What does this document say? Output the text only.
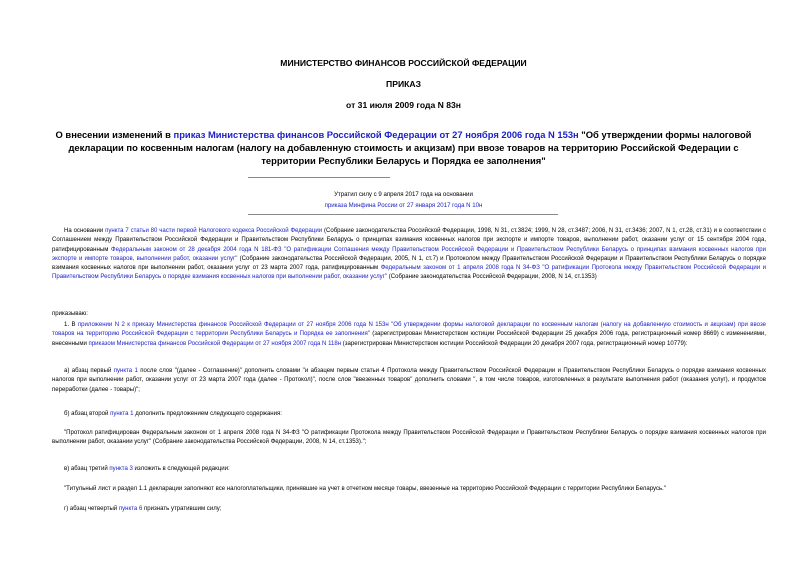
МИНИСТЕРСТВО ФИНАНСОВ РОССИЙСКОЙ ФЕДЕРАЦИИ
ПРИКАЗ
от 31 июля 2009 года N 83н
О внесении изменений в приказ Министерства финансов Российской Федерации от 27 ноября 2006 года N 153н "Об утверждении формы налоговой декларации по косвенным налогам (налогу на добавленную стоимость и акцизам) при ввозе товаров на территорию Российской Федерации с территории Республики Беларусь и Порядка ее заполнения"
Утратил силу с 9 апреля 2017 года на основании
приказа Минфина России от 27 января 2017 года N 10н
На основании пункта 7 статьи 80 части первой Налогового кодекса Российской Федерации (Собрание законодательства Российской Федерации, 1998, N 31, ст.3824; 1999, N 28, ст.3487; 2006, N 31, ст.3436; 2007, N 1, ст.28, ст.31) и в соответствии с Соглашением между Правительством Российской Федерации и Правительством Республики Беларусь о принципах взимания косвенных налогов при экспорте и импорте товаров, выполнении работ, оказании услуг от 15 сентября 2004 года, ратифицированным Федеральным законом от 28 декабря 2004 года N 181-ФЗ "О ратификации Соглашения между Правительством Российской Федерации и Правительством Республики Беларусь о принципах взимания косвенных налогов при экспорте и импорте товаров, выполнении работ, оказании услуг" (Собрание законодательства Российской Федерации, 2005, N 1, ст.7) и Протоколом между Правительством Российской Федерации и Правительством Республики Беларусь о порядке взимания косвенных налогов при выполнении работ, оказании услуг от 23 марта 2007 года, ратифицированным Федеральным законом от 1 апреля 2008 года N 34-ФЗ "О ратификации Протокола между Правительством Российской Федерации и Правительством Республики Беларусь о порядке взимания косвенных налогов при выполнении работ, оказании услуг" (Собрание законодательства Российской Федерации, 2008, N 14, ст.1353)
приказываю:
1. В приложении N 2 к приказу Министерства финансов Российской Федерации от 27 ноября 2006 года N 153н "Об утверждении формы налоговой декларации по косвенным налогам (налогу на добавленную стоимость и акцизам) при ввозе товаров на территорию Российской Федерации с территории Республики Беларусь и Порядка ее заполнения" (зарегистрирован Министерством юстиции Российской Федерации 25 декабря 2006 года, регистрационный номер 8669) с изменениями, внесенными приказом Министерства финансов Российской Федерации от 27 ноября 2007 года N 118н (зарегистрирован Министерством юстиции Российской Федерации 20 декабря 2007 года, регистрационный номер 10779):
а) абзац первый пункта 1 после слов "(далее - Соглашение)" дополнить словами "и абзацем первым статьи 4 Протокола между Правительством Российской Федерации и Правительством Республики Беларусь о порядке взимания косвенных налогов при выполнении работ, оказании услуг от 23 марта 2007 года (далее - Протокол)", после слов "ввезенных товаров" дополнить словами ", в том числе товаров, изготовленных в результате выполнения работ (оказания услуг), и продуктов переработки (далее - товары)";
б) абзац второй пункта 1 дополнить предложением следующего содержания:
"Протокол ратифицирован Федеральным законом от 1 апреля 2008 года N 34-ФЗ "О ратификации Протокола между Правительством Российской Федерации и Правительством Республики Беларусь о порядке взимания косвенных налогов при выполнении работ, оказании услуг" (Собрание законодательства Российской Федерации, 2008, N 14, ст.1353).";
в) абзац третий пункта 3 изложить в следующей редакции:
"Титульный лист и раздел 1.1 декларации заполняют все налогоплательщики, принявшие на учет в отчетном месяце товары, ввезенные на территорию Российской Федерации с территории Республики Беларусь."
г) абзац четвертый пункта 6 признать утратившим силу;
